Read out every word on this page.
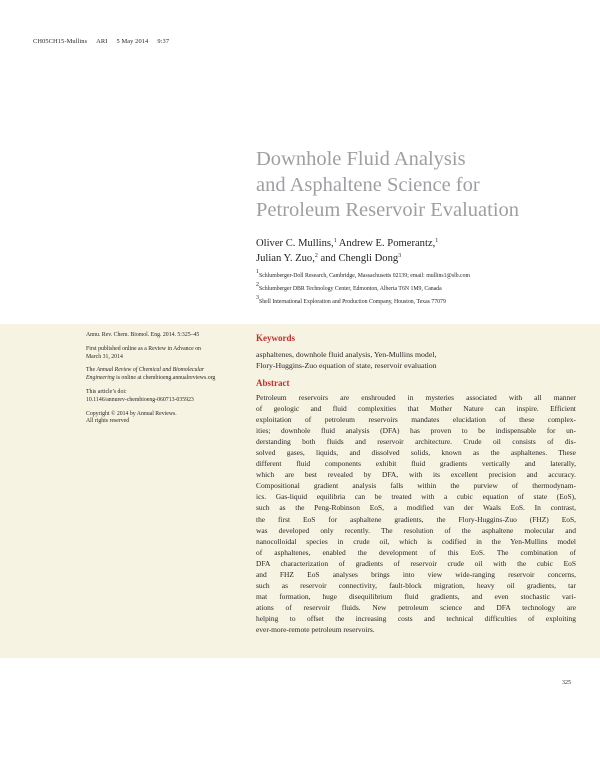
CH05CH15-Mullins ARI 5 May 2014 9:37
Downhole Fluid Analysis
and Asphaltene Science for
Petroleum Reservoir Evaluation
Oliver C. Mullins,$^1$ Andrew E. Pomerantz,$^1$
Julian Y. Zuo,$^2$ and Chengli Dong$^3$
$^1$Schlumberger-Doll Research, Cambridge, Massachusetts 02139; email: mullins1@slb.com
$^2$Schlumberger DBR Technology Center, Edmonton, Alberta T6N 1M9, Canada
$^3$Shell International Exploration and Production Company, Houston, Texas 77079

Annu. Rev. Chem. Biomol. Eng. 2014. 5:325–45

First published online as a Review in Advance on
March 31, 2014

The Annual Review of Chemical and Biomolecular
Engineering is online at chembioeng.annualreviews.org

This article’s doi:
10.1146/annurev-chembioeng-060713-035923

Copyright © 2014 by Annual Reviews.
All rights reserved

Keywords
asphaltenes, downhole fluid analysis, Yen-Mullins model,
Flory-Huggins-Zuo equation of state, reservoir evaluation
Abstract
Petroleum reservoirs are enshrouded in mysteries associated with all manner
of geologic and fluid complexities that Mother Nature can inspire. Efficient
exploitation of petroleum reservoirs mandates elucidation of these complex-
ities; downhole fluid analysis (DFA) has proven to be indispensable for un-
derstanding both fluids and reservoir architecture. Crude oil consists of dis-
solved gases, liquids, and dissolved solids, known as the asphaltenes. These
different fluid components exhibit fluid gradients vertically and laterally,
which are best revealed by DFA, with its excellent precision and accuracy.
Compositional gradient analysis falls within the purview of thermodynam-
ics. Gas-liquid equilibria can be treated with a cubic equation of state (EoS),
such as the Peng-Robinson EoS, a modified van der Waals EoS. In contrast,
the first EoS for asphaltene gradients, the Flory-Huggins-Zuo (FHZ) EoS,
was developed only recently. The resolution of the asphaltene molecular and
nanocolloidal species in crude oil, which is codified in the Yen-Mullins model
of asphaltenes, enabled the development of this EoS. The combination of
DFA characterization of gradients of reservoir crude oil with the cubic EoS
and FHZ EoS analyses brings into view wide-ranging reservoir concerns,
such as reservoir connectivity, fault-block migration, heavy oil gradients, tar
mat formation, huge disequilibrium fluid gradients, and even stochastic vari-
ations of reservoir fluids. New petroleum science and DFA technology are
helping to offset the increasing costs and technical difficulties of exploiting
ever-more-remote petroleum reservoirs.
325
